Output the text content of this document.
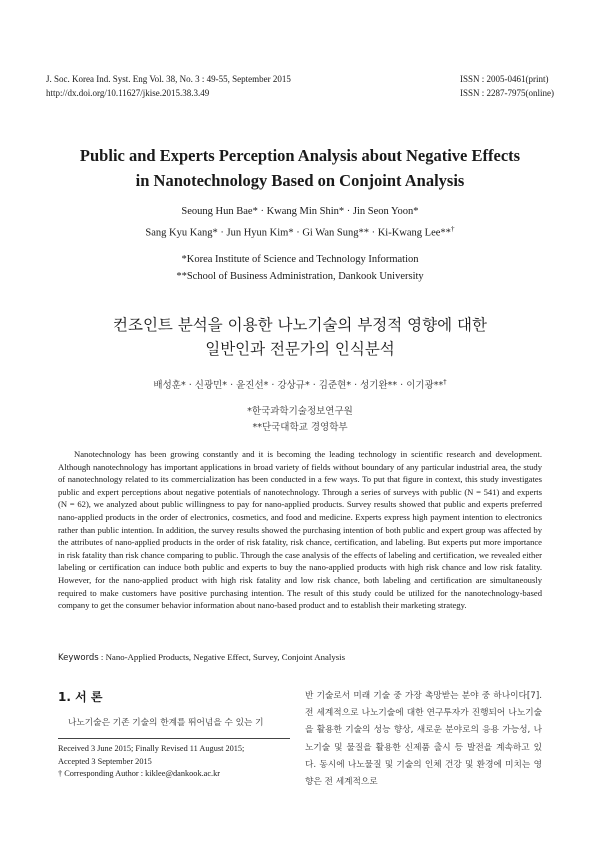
J. Soc. Korea Ind. Syst. Eng Vol. 38, No. 3 : 49-55, September 2015
http://dx.doi.org/10.11627/jkise.2015.38.3.49
ISSN : 2005-0461(print)
ISSN : 2287-7975(online)
Public and Experts Perception Analysis about Negative Effects
in Nanotechnology Based on Conjoint Analysis
Seoung Hun Bae* · Kwang Min Shin* · Jin Seon Yoon*
Sang Kyu Kang* · Jun Hyun Kim* · Gi Wan Sung** · Ki-Kwang Lee**†
*Korea Institute of Science and Technology Information
**School of Business Administration, Dankook University
컨조인트 분석을 이용한 나노기술의 부정적 영향에 대한
일반인과 전문가의 인식분석
배성훈* · 신광민* · 윤진선* · 강상규* · 김준현* · 성기완** · 이기광**†
*한국과학기술정보연구원
**단국대학교 경영학부
Nanotechnology has been growing constantly and it is becoming the leading technology in scientific research and development. Although nanotechnology has important applications in broad variety of fields without boundary of any particular industrial area, the study of nanotechnology related to its commercialization has been conducted in a few ways. To put that figure in context, this study investigates public and expert perceptions about negative potentials of nanotechnology. Through a series of surveys with public (N = 541) and experts (N = 62), we analyzed about public willingness to pay for nano-applied products. Survey results showed that public and experts preferred nano-applied products in the order of electronics, cosmetics, and food and medicine. Experts express high payment intention to electronics rather than public intention. In addition, the survey results showed the purchasing intention of both public and expert group was affected by the attributes of nano-applied products in the order of risk fatality, risk chance, certification, and labeling. But experts put more importance in risk fatality than risk chance comparing to public. Through the case analysis of the effects of labeling and certification, we revealed either labeling or certification can induce both public and experts to buy the nano-applied products with high risk chance and low risk fatality. However, for the nano-applied product with high risk fatality and low risk chance, both labeling and certification are simultaneously required to make customers have positive purchasing intention. The result of this study could be utilized for the nanotechnology-based company to get the consumer behavior information about nano-based product and to establish their marketing strategy.
Keywords : Nano-Applied Products, Negative Effect, Survey, Conjoint Analysis
1. 서 론
나노기술은 기존 기술의 한계를 뛰어넘을 수 있는 기
Received 3 June 2015; Finally Revised 11 August 2015;
Accepted 3 September 2015
† Corresponding Author : kiklee@dankook.ac.kr
반 기술로서 미래 기술 중 가장 촉망받는 분야 중 하나이다[7]. 전 세계적으로 나노기술에 대한 연구투자가 진행되어 나노기술을 활용한 기술의 성능 향상, 새로운 분야로의 응용 가능성, 나노기술 및 물질을 활용한 신제품 출시 등 발전을 계속하고 있다. 동시에 나노물질 및 기술의 인체 건강 및 환경에 미치는 영향은 전 세계적으로
